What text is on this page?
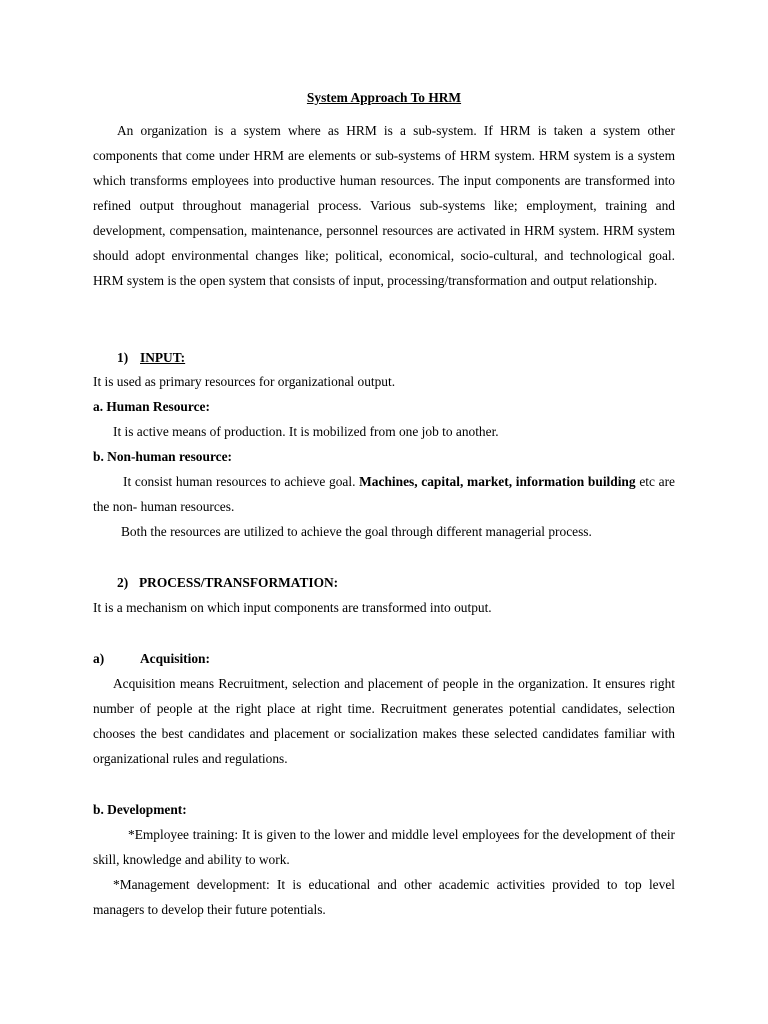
System Approach To HRM

An organization is a system where as HRM is a sub-system. If HRM is taken a system other components that come under HRM are elements or sub-systems of HRM system. HRM system is a system which transforms employees into productive human resources. The input components are transformed into refined output throughout managerial process. Various sub-systems like; employment, training and development, compensation, maintenance, personnel resources are activated in HRM system. HRM system should adopt environmental changes like; political, economical, socio-cultural, and technological goal. HRM system is the open system that consists of input, processing/transformation and output relationship.

1) INPUT:

It is used as primary resources for organizational output.

a. Human Resource:

It is active means of production. It is mobilized from one job to another.

b. Non-human resource:

It consist human resources to achieve goal. Machines, capital, market, information building etc are the non- human resources.

Both the resources are utilized to achieve the goal through different managerial process.

2) PROCESS/TRANSFORMATION:

It is a mechanism on which input components are transformed into output.

a)	Acquisition:

Acquisition means Recruitment, selection and placement of people in the organization. It ensures right number of people at the right place at right time. Recruitment generates potential candidates, selection chooses the best candidates and placement or socialization makes these selected candidates familiar with organizational rules and regulations.

b. Development:

*Employee training: It is given to the lower and middle level employees for the development of their skill, knowledge and ability to work.

*Management development: It is educational and other academic activities provided to top level managers to develop their future potentials.
